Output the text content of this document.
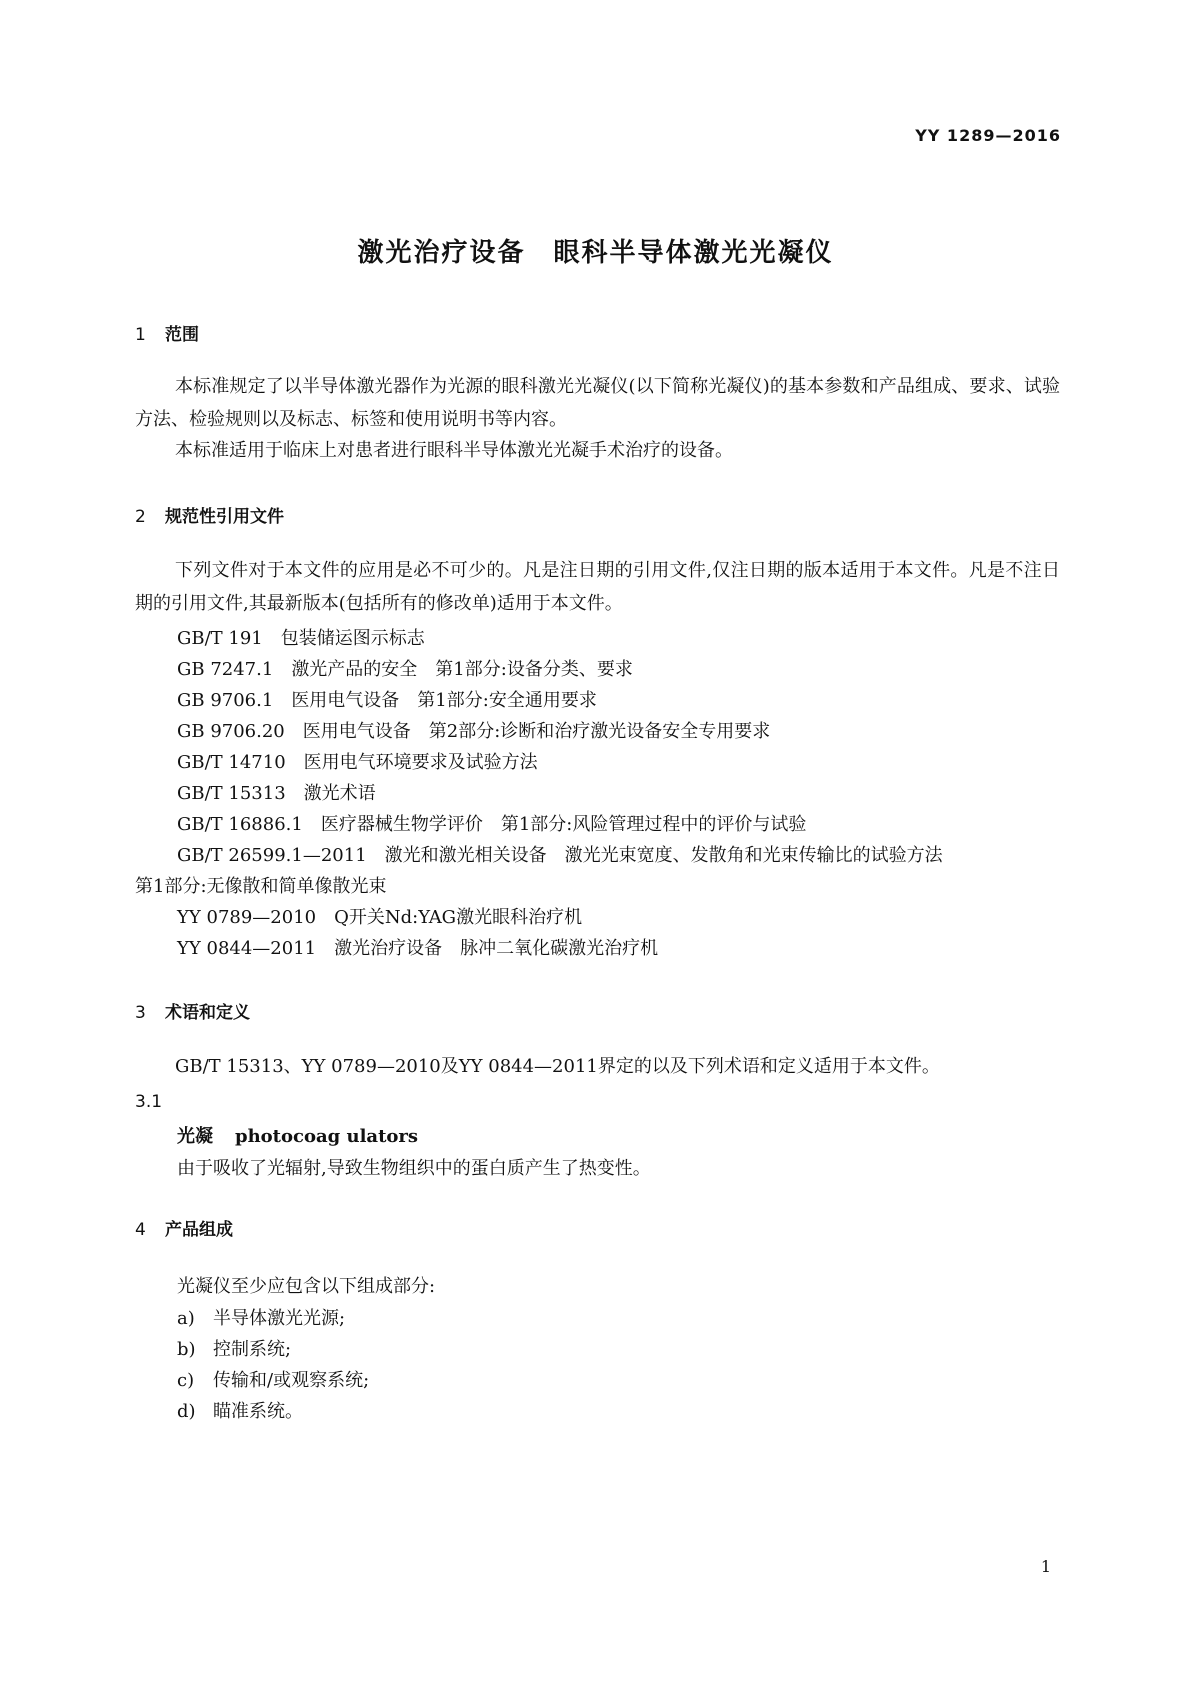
YY 1289—2016
激光治疗设备　眼科半导体激光光凝仪
1 范围
本标准规定了以半导体激光器作为光源的眼科激光光凝仪(以下简称光凝仪)的基本参数和产品组成、要求、试验方法、检验规则以及标志、标签和使用说明书等内容。
本标准适用于临床上对患者进行眼科半导体激光光凝手术治疗的设备。
2 规范性引用文件
下列文件对于本文件的应用是必不可少的。凡是注日期的引用文件,仅注日期的版本适用于本文件。凡是不注日期的引用文件,其最新版本(包括所有的修改单)适用于本文件。
GB/T 191 包装储运图示标志
GB 7247.1 激光产品的安全　第1部分:设备分类、要求
GB 9706.1 医用电气设备　第1部分:安全通用要求
GB 9706.20 医用电气设备　第2部分:诊断和治疗激光设备安全专用要求
GB/T 14710 医用电气环境要求及试验方法
GB/T 15313 激光术语
GB/T 16886.1 医疗器械生物学评价　第1部分:风险管理过程中的评价与试验
GB/T 26599.1—2011 激光和激光相关设备　激光光束宽度、发散角和光束传输比的试验方法
第1部分:无像散和简单像散光束
YY 0789—2010 Q开关Nd:YAG激光眼科治疗机
YY 0844—2011 激光治疗设备　脉冲二氧化碳激光治疗机
3 术语和定义
GB/T 15313、YY 0789—2010及YY 0844—2011界定的以及下列术语和定义适用于本文件。
3.1
光凝 photocoag ulators
由于吸收了光辐射,导致生物组织中的蛋白质产生了热变性。
4 产品组成
光凝仪至少应包含以下组成部分:
a) 半导体激光光源;
b) 控制系统;
c) 传输和/或观察系统;
d) 瞄准系统。
1
